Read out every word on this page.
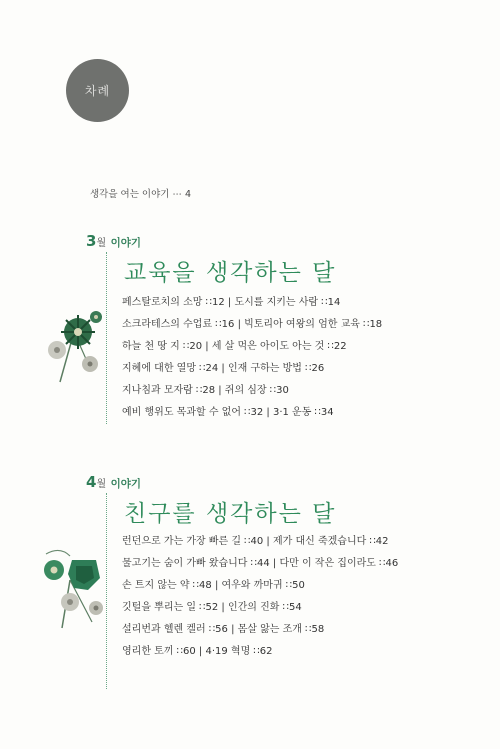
차례
생각을 여는 이야기 ⋯ 4
3월 이야기
교육을 생각하는 달
페스탈로치의 소망 ∷12 | 도시를 지키는 사람 ∷14
소크라테스의 수업료 ∷16 | 빅토리아 여왕의 엄한 교육 ∷18
하늘 천 땅 지 ∷20 | 세 살 먹은 아이도 아는 것 ∷22
지혜에 대한 열망 ∷24 | 인재 구하는 방법 ∷26
지나침과 모자람 ∷28 | 쥐의 심장 ∷30
예비 행위도 목과할 수 없어 ∷32 | 3·1 운동 ∷34
4월 이야기
친구를 생각하는 달
런던으로 가는 가장 빠른 길 ∷40 | 제가 대신 죽겠습니다 ∷42
물고기는 숨이 가빠 왔습니다 ∷44 | 다만 이 작은 집이라도 ∷46
손 트지 않는 약 ∷48 | 여우와 까마귀 ∷50
깃털을 뿌리는 일 ∷52 | 인간의 진화 ∷54
설리번과 헬렌 켈러 ∷56 | 몸살 앓는 조개 ∷58
영리한 토끼 ∷60 | 4·19 혁명 ∷62
